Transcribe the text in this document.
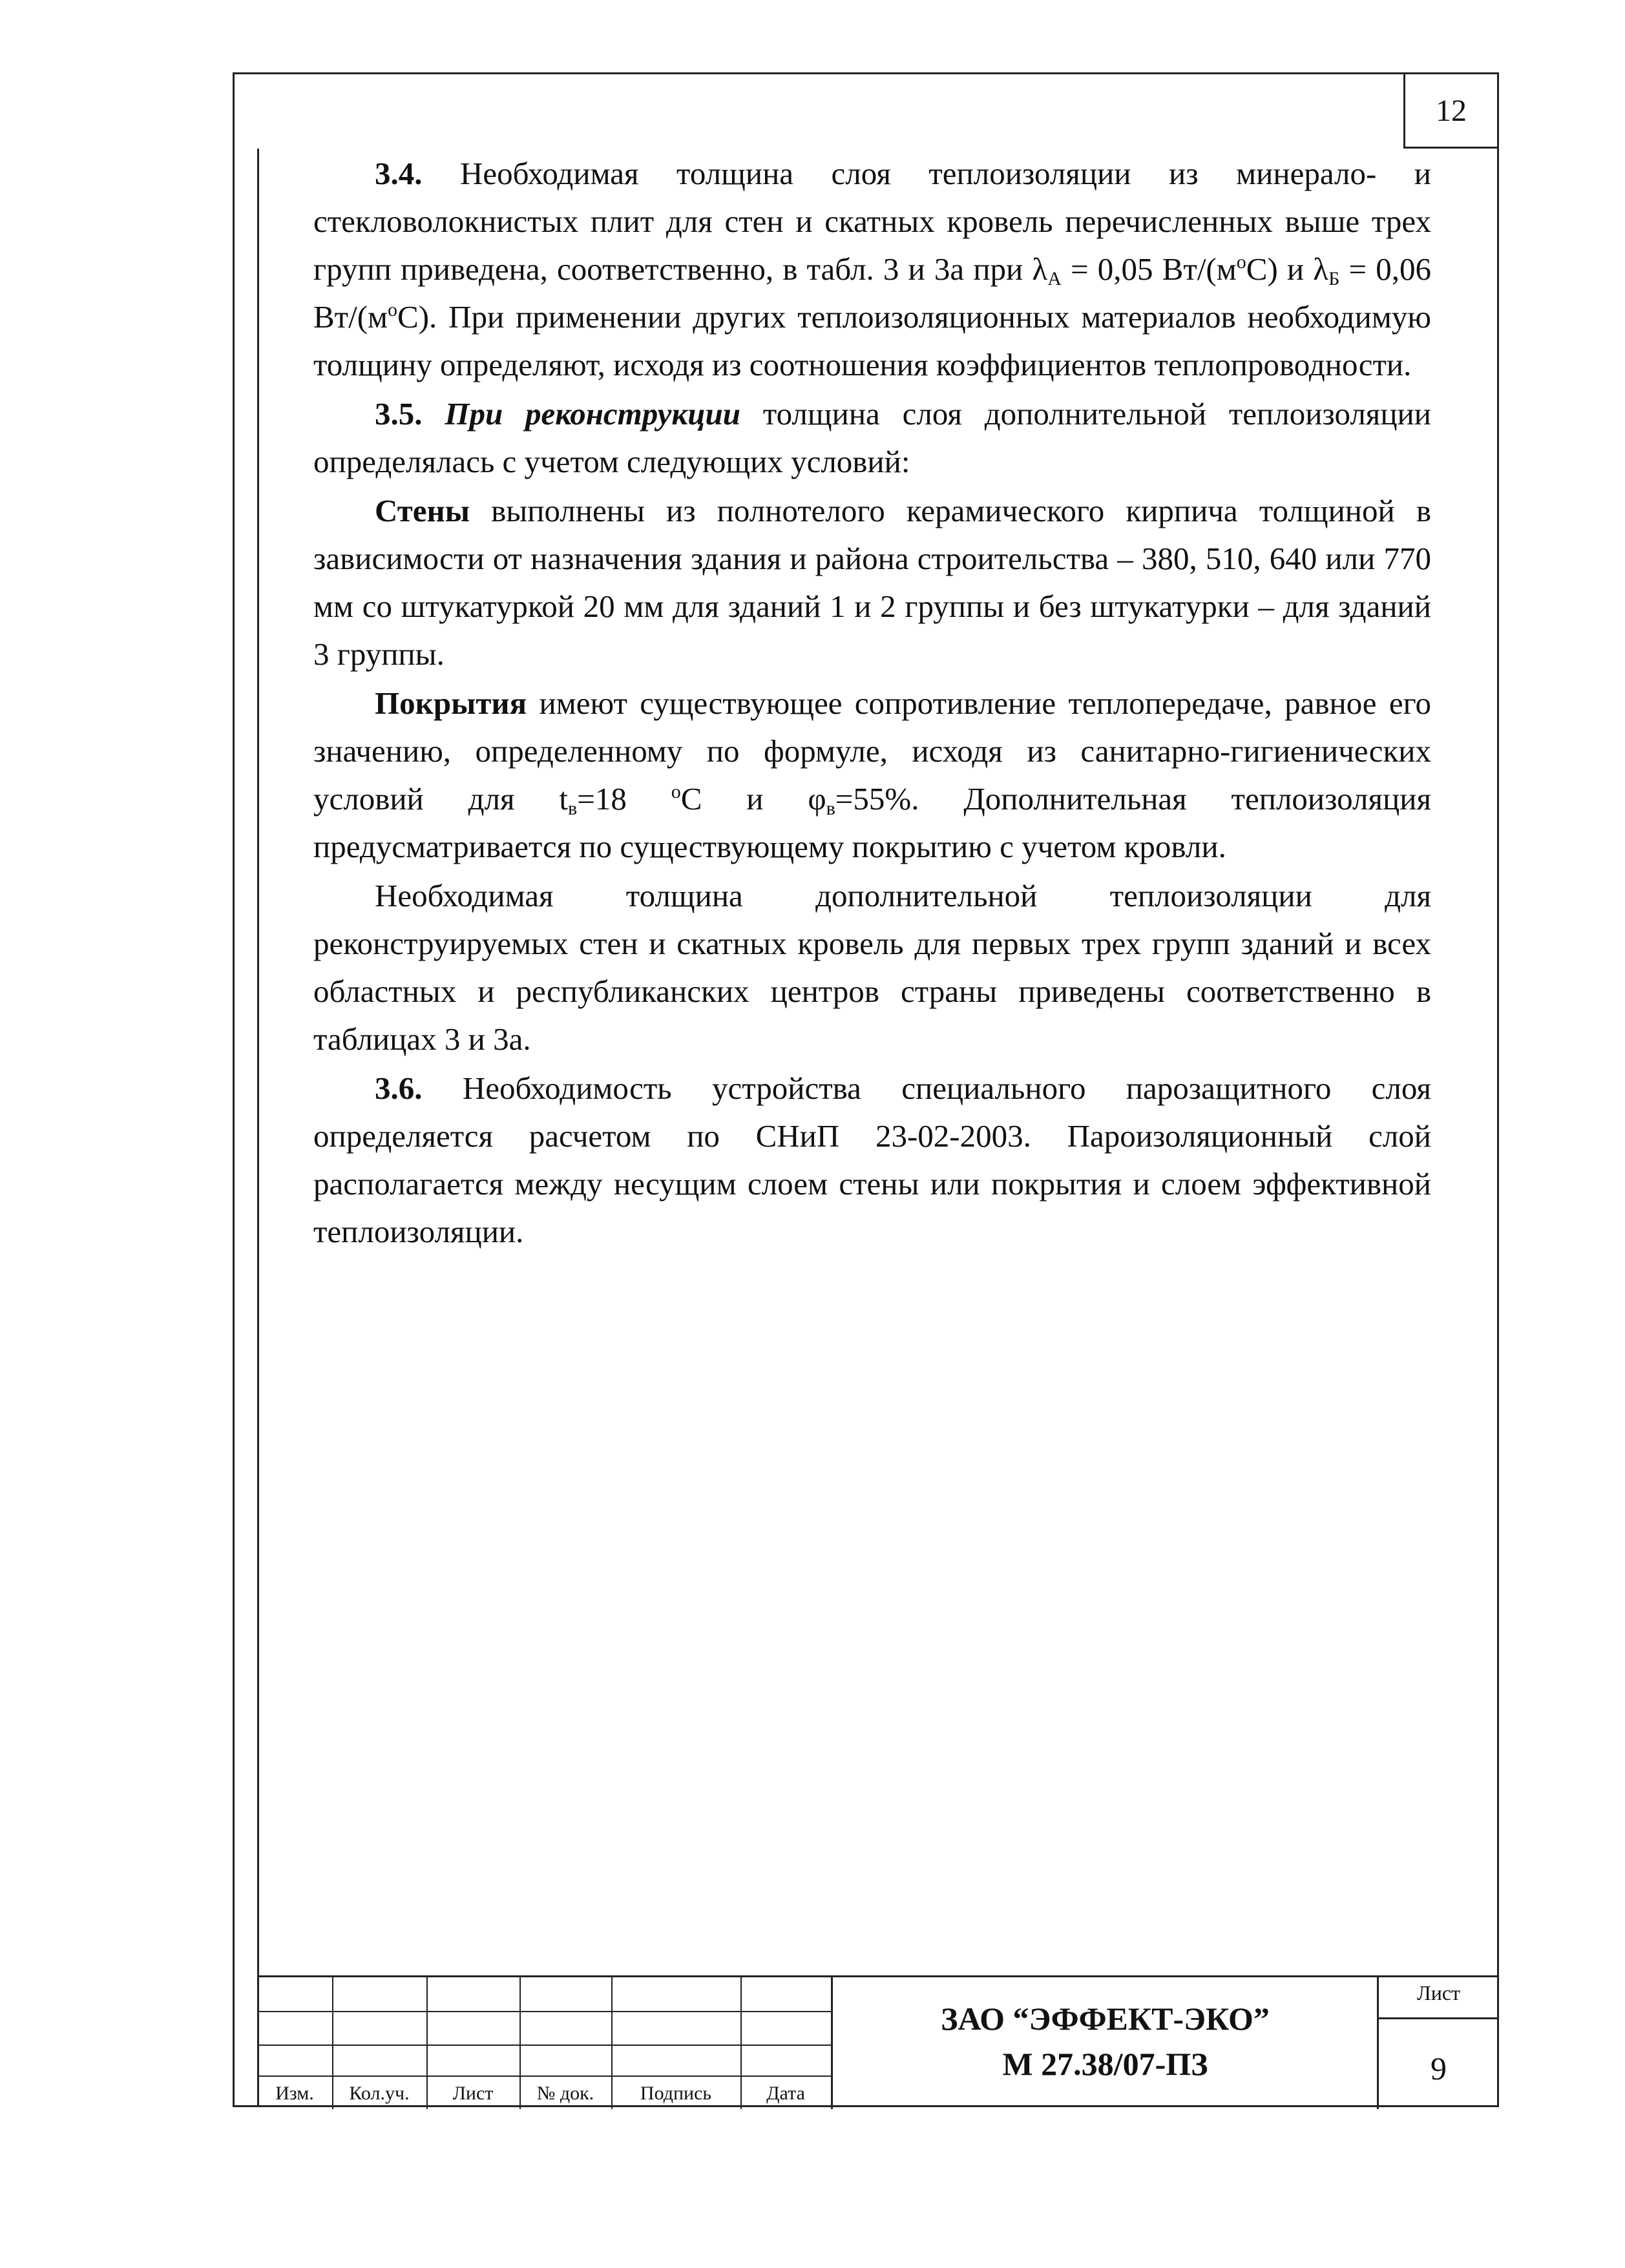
12

3.4. Необходимая толщина слоя теплоизоляции из минерало- и стекловолокнистых плит для стен и скатных кровель перечисленных выше трех групп приведена, соответственно, в табл. 3 и 3а при $\lambda_А = 0,05$ $Вт/(м^оС)$ и $\lambda_Б = 0,06$ $Вт/(м^оС)$. При применении других теплоизоляционных материалов необходимую толщину определяют, исходя из соотношения коэффициентов теплопроводности.

3.5. При реконструкции толщина слоя дополнительной теплоизоляции определялась с учетом следующих условий:

Стены выполнены из полнотелого керамического кирпича толщиной в зависимости от назначения здания и района строительства – 380, 510, 640 или 770 мм со штукатуркой 20 мм для зданий 1 и 2 группы и без штукатурки – для зданий 3 группы.

Покрытия имеют существующее сопротивление теплопередаче, равное его значению, определенному по формуле, исходя из санитарно-гигиенических условий для $t_в=18$ $^о$С и $\varphi_в=55\%$. Дополнительная теплоизоляция предусматривается по существующему покрытию с учетом кровли.

Необходимая толщина дополнительной теплоизоляции для реконструируемых стен и скатных кровель для первых трех групп зданий и всех областных и республиканских центров страны приведены соответственно в таблицах 3 и 3а.

3.6. Необходимость устройства специального парозащитного слоя определяется расчетом по СНиП 23-02-2003. Пароизоляционный слой располагается между несущим слоем стены или покрытия и слоем эффективной теплоизоляции.

Изм.	Кол.уч.	Лист	№ док.	Подпись	Дата
ЗАО “ЭФФЕКТ-ЭКО”
М 27.38/07-ПЗ
Лист
9
